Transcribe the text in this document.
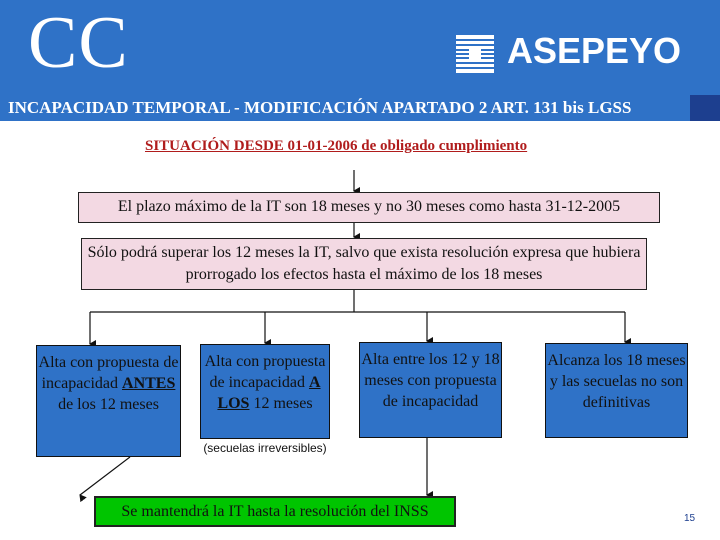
CC	ASEPEYO
INCAPACIDAD TEMPORAL - MODIFICACIÓN APARTADO 2 ART. 131 bis LGSS
SITUACIÓN DESDE 01-01-2006 de obligado cumplimiento
El plazo máximo de la IT son 18 meses y no 30 meses como hasta 31-12-2005
Sólo podrá superar los 12 meses la IT, salvo que exista resolución expresa que hubiera prorrogado los efectos hasta el máximo de los 18 meses
Alta con propuesta de incapacidad ANTES de los 12 meses
Alta con propuesta de incapacidad A LOS 12 meses
(secuelas irreversibles)
Alta entre los 12 y 18 meses con propuesta de incapacidad
Alcanza los 18 meses y las secuelas no son definitivas
Se mantendrá la IT hasta la resolución del INSS	15
